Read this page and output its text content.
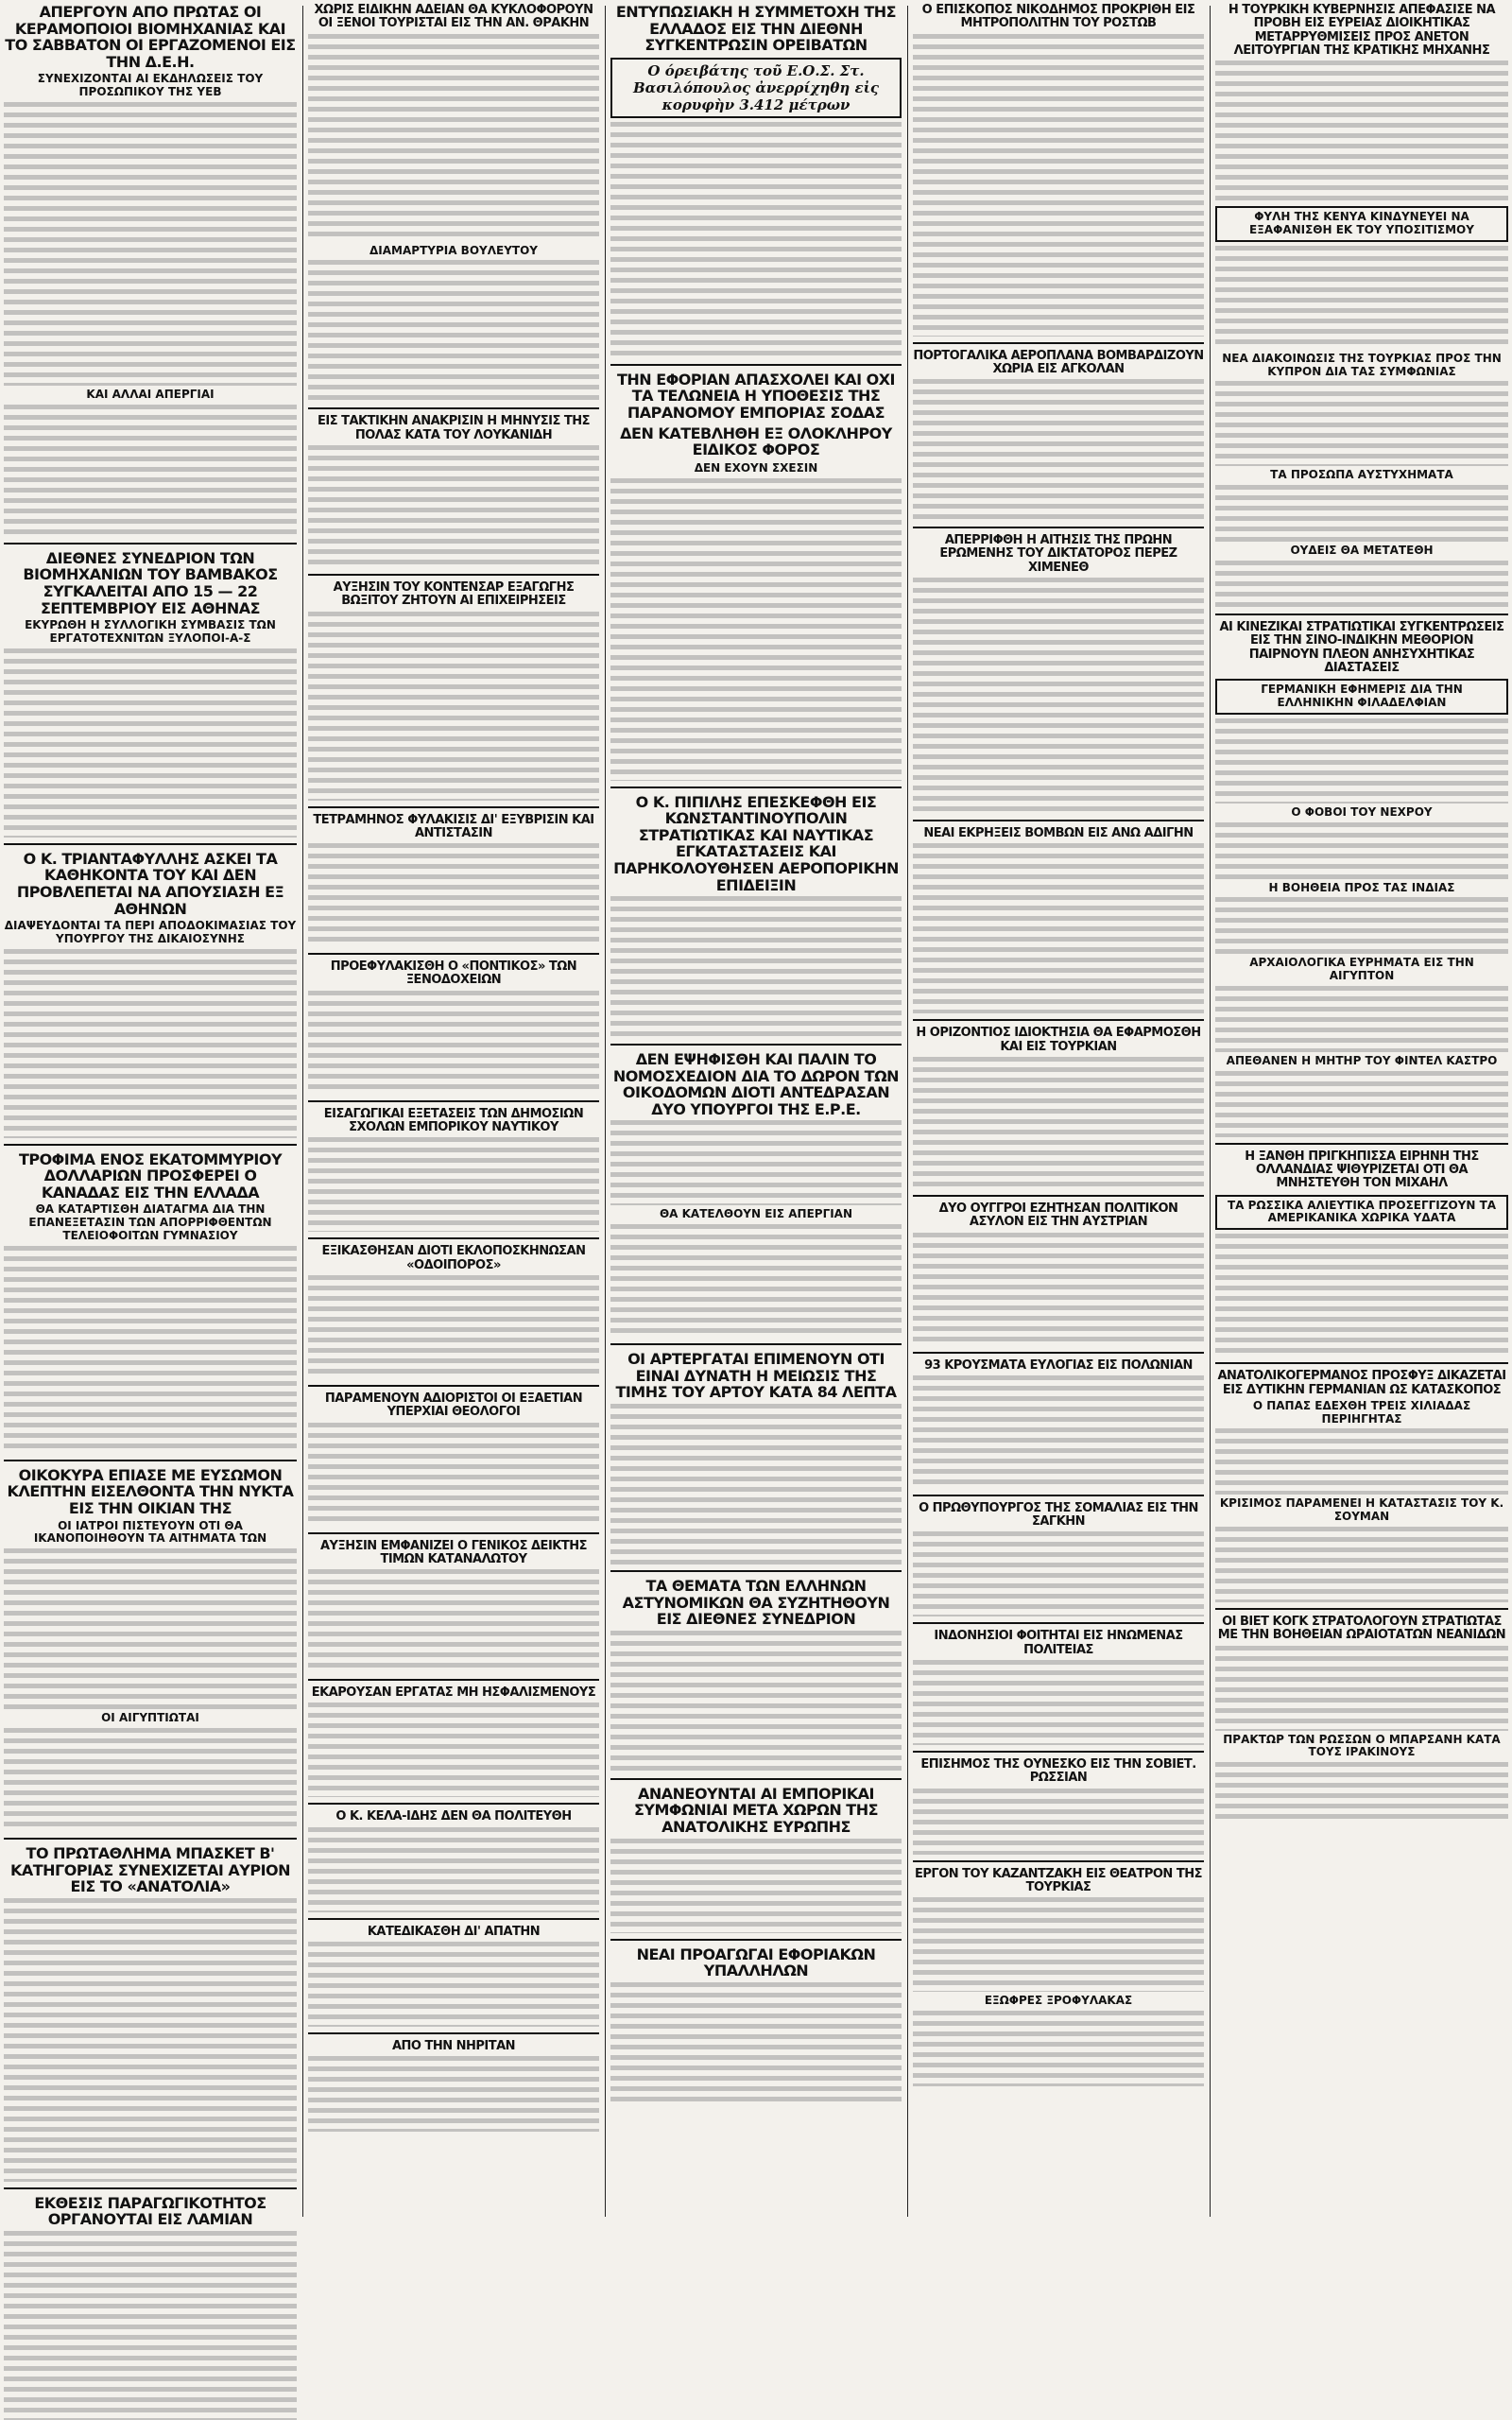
ΑΠΕΡΓΟΥΝ ΑΠΟ ΠΡΩΤΑΣ ΟΙ ΚΕΡΑΜΟΠΟΙΟΙ ΒΙΟΜΗΧΑΝΙΑΣ ΚΑΙ ΤΟ ΣΑΒΒΑΤΟΝ ΟΙ ΕΡΓΑΖΟΜΕΝΟΙ ΕΙΣ ΤΗΝ Δ.Ε.Η.
ΣΥΝΕΧΙΖΟΝΤΑΙ ΑΙ ΕΚΔΗΛΩΣΕΙΣ ΤΟΥ ΠΡΟΣΩΠΙΚΟΥ ΤΗΣ ΥΕΒ
ΚΑΙ ΑΛΛΑΙ ΑΠΕΡΓΙΑΙ
ΔΙΕΘΝΕΣ ΣΥΝΕΔΡΙΟΝ ΤΩΝ ΒΙΟΜΗΧΑΝΙΩΝ ΤΟΥ ΒΑΜΒΑΚΟΣ ΣΥΓΚΑΛΕΙΤΑΙ ΑΠΟ 15 — 22 ΣΕΠΤΕΜΒΡΙΟΥ ΕΙΣ ΑΘΗΝΑΣ
ΕΚΥΡΩΘΗ Η ΣΥΛΛΟΓΙΚΗ ΣΥΜΒΑΣΙΣ ΤΩΝ ΕΡΓΑΤΟΤΕΧΝΙΤΩΝ ΞΥΛΟΠΟΙ-Α-Σ
Ο Κ. ΤΡΙΑΝΤΑΦΥΛΛΗΣ ΑΣΚΕΙ ΤΑ ΚΑΘΗΚΟΝΤΑ ΤΟΥ ΚΑΙ ΔΕΝ ΠΡΟΒΛΕΠΕΤΑΙ ΝΑ ΑΠΟΥΣΙΑΣΗ ΕΞ ΑΘΗΝΩΝ
ΔΙΑΨΕΥΔΟΝΤΑΙ ΤΑ ΠΕΡΙ ΑΠΟΔΟΚΙΜΑΣΙΑΣ ΤΟΥ ΥΠΟΥΡΓΟΥ ΤΗΣ ΔΙΚΑΙΟΣΥΝΗΣ
ΤΡΟΦΙΜΑ ΕΝΟΣ ΕΚΑΤΟΜΜΥΡΙΟΥ ΔΟΛΛΑΡΙΩΝ ΠΡΟΣΦΕΡΕΙ Ο ΚΑΝΑΔΑΣ ΕΙΣ ΤΗΝ ΕΛΛΑΔΑ
ΘΑ ΚΑΤΑΡΤΙΣΘΗ ΔΙΑΤΑΓΜΑ ΔΙΑ ΤΗΝ ΕΠΑΝΕΞΕΤΑΣΙΝ ΤΩΝ ΑΠΟΡΡΙΦΘΕΝΤΩΝ ΤΕΛΕΙΟΦΟΙΤΩΝ ΓΥΜΝΑΣΙΟΥ
ΟΙΚΟΚΥΡΑ ΕΠΙΑΣΕ ΜΕ ΕΥΣΩΜΟΝ ΚΛΕΠΤΗΝ ΕΙΣΕΛΘΟΝΤΑ ΤΗΝ ΝΥΚΤΑ ΕΙΣ ΤΗΝ ΟΙΚΙΑΝ ΤΗΣ
ΟΙ ΙΑΤΡΟΙ ΠΙΣΤΕΥΟΥΝ ΟΤΙ ΘΑ ΙΚΑΝΟΠΟΙΗΘΟΥΝ ΤΑ ΑΙΤΗΜΑΤΑ ΤΩΝ
ΟΙ ΑΙΓΥΠΤΙΩΤΑΙ
ΤΟ ΠΡΩΤΑΘΛΗΜΑ ΜΠΑΣΚΕΤ Β' ΚΑΤΗΓΟΡΙΑΣ ΣΥΝΕΧΙΖΕΤΑΙ ΑΥΡΙΟΝ ΕΙΣ ΤΟ «ΑΝΑΤΟΛΙΑ»
ΕΚΘΕΣΙΣ ΠΑΡΑΓΩΓΙΚΟΤΗΤΟΣ ΟΡΓΑΝΟΥΤΑΙ ΕΙΣ ΛΑΜΙΑΝ
ΧΩΡΙΣ ΕΙΔΙΚΗΝ ΑΔΕΙΑΝ ΘΑ ΚΥΚΛΟΦΟΡΟΥΝ ΟΙ ΞΕΝΟΙ ΤΟΥΡΙΣΤΑΙ ΕΙΣ ΤΗΝ ΑΝ. ΘΡΑΚΗΝ
ΔΙΑΜΑΡΤΥΡΙΑ ΒΟΥΛΕΥΤΟΥ
ΕΙΣ ΤΑΚΤΙΚΗΝ ΑΝΑΚΡΙΣΙΝ Η ΜΗΝΥΣΙΣ ΤΗΣ ΠΟΛΑΣ ΚΑΤΑ ΤΟΥ ΛΟΥΚΑΝΙΔΗ
ΑΥΞΗΣΙΝ ΤΟΥ ΚΟΝΤΕΝΣΑΡ ΕΞΑΓΩΓΗΣ ΒΩΞΙΤΟΥ ΖΗΤΟΥΝ ΑΙ ΕΠΙΧΕΙΡΗΣΕΙΣ
ΤΕΤΡΑΜΗΝΟΣ ΦΥΛΑΚΙΣΙΣ ΔΙ' ΕΞΥΒΡΙΣΙΝ ΚΑΙ ΑΝΤΙΣΤΑΣΙΝ
ΠΡΟΕΦΥΛΑΚΙΣΘΗ Ο «ΠΟΝΤΙΚΟΣ» ΤΩΝ ΞΕΝΟΔΟΧΕΙΩΝ
ΕΙΣΑΓΩΓΙΚΑΙ ΕΞΕΤΑΣΕΙΣ ΤΩΝ ΔΗΜΟΣΙΩΝ ΣΧΟΛΩΝ ΕΜΠΟΡΙΚΟΥ ΝΑΥΤΙΚΟΥ
ΕΞΙΚΑΣΘΗΣΑΝ ΔΙΟΤΙ ΕΚΛΟΠΟΣΚΗΝΩΣΑΝ «ΟΔΟΙΠΟΡΟΣ»
ΠΑΡΑΜΕΝΟΥΝ ΑΔΙΟΡΙΣΤΟΙ ΟΙ ΕΞΑΕΤΙΑΝ ΥΠΕΡΧΙΑΙ ΘΕΟΛΟΓΟΙ
ΑΥΞΗΣΙΝ ΕΜΦΑΝΙΖΕΙ Ο ΓΕΝΙΚΟΣ ΔΕΙΚΤΗΣ ΤΙΜΩΝ ΚΑΤΑΝΑΛΩΤΟΥ
ΕΚΑΡΟΥΣΑΝ ΕΡΓΑΤΑΣ ΜΗ ΗΣΦΑΛΙΣΜΕΝΟΥΣ
Ο Κ. ΚΕΛΑ-ΙΔΗΣ ΔΕΝ ΘΑ ΠΟΛΙΤΕΥΘΗ
ΚΑΤΕΔΙΚΑΣΘΗ ΔΙ' ΑΠΑΤΗΝ
ΑΠΟ ΤΗΝ ΝΗΡΙΤΑΝ
ΕΝΤΥΠΩΣΙΑΚΗ Η ΣΥΜΜΕΤΟΧΗ ΤΗΣ ΕΛΛΑΔΟΣ ΕΙΣ ΤΗΝ ΔΙΕΘΝΗ ΣΥΓΚΕΝΤΡΩΣΙΝ ΟΡΕΙΒΑΤΩΝ
Ο όρειβάτης τοῦ Ε.Ο.Σ. Στ. Βασιλόπουλος ἀνερρίχηθη εἰς κορυφὴν 3.412 μέτρων
ΤΗΝ ΕΦΟΡΙΑΝ ΑΠΑΣΧΟΛΕΙ ΚΑΙ ΟΧΙ ΤΑ ΤΕΛΩΝΕΙΑ Η ΥΠΟΘΕΣΙΣ ΤΗΣ ΠΑΡΑΝΟΜΟΥ ΕΜΠΟΡΙΑΣ ΣΟΔΑΣ
ΔΕΝ ΚΑΤΕΒΛΗΘΗ ΕΞ ΟΛΟΚΛΗΡΟΥ ΕΙΔΙΚΟΣ ΦΟΡΟΣ
ΔΕΝ ΕΧΟΥΝ ΣΧΕΣΙΝ
Ο Κ. ΠΙΠΙΛΗΣ ΕΠΕΣΚΕΦΘΗ ΕΙΣ ΚΩΝΣΤΑΝΤΙΝΟΥΠΟΛΙΝ ΣΤΡΑΤΙΩΤΙΚΑΣ ΚΑΙ ΝΑΥΤΙΚΑΣ ΕΓΚΑΤΑΣΤΑΣΕΙΣ ΚΑΙ ΠΑΡΗΚΟΛΟΥΘΗΣΕΝ ΑΕΡΟΠΟΡΙΚΗΝ ΕΠΙΔΕΙΞΙΝ
ΔΕΝ ΕΨΗΦΙΣΘΗ ΚΑΙ ΠΑΛΙΝ ΤΟ ΝΟΜΟΣΧΕΔΙΟΝ ΔΙΑ ΤΟ ΔΩΡΟΝ ΤΩΝ ΟΙΚΟΔΟΜΩΝ ΔΙΟΤΙ ΑΝΤΕΔΡΑΣΑΝ ΔΥΟ ΥΠΟΥΡΓΟΙ ΤΗΣ Ε.Ρ.Ε.
ΘΑ ΚΑΤΕΛΘΟΥΝ ΕΙΣ ΑΠΕΡΓΙΑΝ
ΟΙ ΑΡΤΕΡΓΑΤΑΙ ΕΠΙΜΕΝΟΥΝ ΟΤΙ ΕΙΝΑΙ ΔΥΝΑΤΗ Η ΜΕΙΩΣΙΣ ΤΗΣ ΤΙΜΗΣ ΤΟΥ ΑΡΤΟΥ ΚΑΤΑ 84 ΛΕΠΤΑ
ΤΑ ΘΕΜΑΤΑ ΤΩΝ ΕΛΛΗΝΩΝ ΑΣΤΥΝΟΜΙΚΩΝ ΘΑ ΣΥΖΗΤΗΘΟΥΝ ΕΙΣ ΔΙΕΘΝΕΣ ΣΥΝΕΔΡΙΟΝ
ΑΝΑΝΕΟΥΝΤΑΙ ΑΙ ΕΜΠΟΡΙΚΑΙ ΣΥΜΦΩΝΙΑΙ ΜΕΤΑ ΧΩΡΩΝ ΤΗΣ ΑΝΑΤΟΛΙΚΗΣ ΕΥΡΩΠΗΣ
ΝΕΑΙ ΠΡΟΑΓΩΓΑΙ ΕΦΟΡΙΑΚΩΝ ΥΠΑΛΛΗΛΩΝ
Ο ΕΠΙΣΚΟΠΟΣ ΝΙΚΟΔΗΜΟΣ ΠΡΟΚΡΙΘΗ ΕΙΣ ΜΗΤΡΟΠΟΛΙΤΗΝ ΤΟΥ ΡΟΣΤΩΒ
ΠΟΡΤΟΓΑΛΙΚΑ ΑΕΡΟΠΛΑΝΑ ΒΟΜΒΑΡΔΙΖΟΥΝ ΧΩΡΙΑ ΕΙΣ ΑΓΚΟΛΑΝ
ΑΠΕΡΡΙΦΘΗ Η ΑΙΤΗΣΙΣ ΤΗΣ ΠΡΩΗΝ ΕΡΩΜΕΝΗΣ ΤΟΥ ΔΙΚΤΑΤΟΡΟΣ ΠΕΡΕΖ ΧΙΜΕΝΕΘ
ΝΕΑΙ ΕΚΡΗΞΕΙΣ ΒΟΜΒΩΝ ΕΙΣ ΑΝΩ ΑΔΙΓΗΝ
Η ΟΡΙΖΟΝΤΙΟΣ ΙΔΙΟΚΤΗΣΙΑ ΘΑ ΕΦΑΡΜΟΣΘΗ ΚΑΙ ΕΙΣ ΤΟΥΡΚΙΑΝ
ΔΥΟ ΟΥΓΓΡΟΙ ΕΖΗΤΗΣΑΝ ΠΟΛΙΤΙΚΟΝ ΑΣΥΛΟΝ ΕΙΣ ΤΗΝ ΑΥΣΤΡΙΑΝ
93 ΚΡΟΥΣΜΑΤΑ ΕΥΛΟΓΙΑΣ ΕΙΣ ΠΟΛΩΝΙΑΝ
Ο ΠΡΩΘΥΠΟΥΡΓΟΣ ΤΗΣ ΣΟΜΑΛΙΑΣ ΕΙΣ ΤΗΝ ΣΑΓΚΗΝ
ΙΝΔΟΝΗΣΙΟΙ ΦΟΙΤΗΤΑΙ ΕΙΣ ΗΝΩΜΕΝΑΣ ΠΟΛΙΤΕΙΑΣ
ΕΠΙΣΗΜΟΣ ΤΗΣ ΟΥΝΕΣΚΟ ΕΙΣ ΤΗΝ ΣΟΒΙΕΤ. ΡΩΣΣΙΑΝ
ΕΡΓΟΝ ΤΟΥ ΚΑΖΑΝΤΖΑΚΗ ΕΙΣ ΘΕΑΤΡΟΝ ΤΗΣ ΤΟΥΡΚΙΑΣ
ΕΞΩΦΡΕΣ ΞΡΟΦΥΛΑΚΑΣ
Η ΤΟΥΡΚΙΚΗ ΚΥΒΕΡΝΗΣΙΣ ΑΠΕΦΑΣΙΣΕ ΝΑ ΠΡΟΒΗ ΕΙΣ ΕΥΡΕΙΑΣ ΔΙΟΙΚΗΤΙΚΑΣ ΜΕΤΑΡΡΥΘΜΙΣΕΙΣ ΠΡΟΣ ΑΝΕΤΟΝ ΛΕΙΤΟΥΡΓΙΑΝ ΤΗΣ ΚΡΑΤΙΚΗΣ ΜΗΧΑΝΗΣ
ΦΥΛΗ ΤΗΣ ΚΕΝΥΑ ΚΙΝΔΥΝΕΥΕΙ ΝΑ ΕΞΑΦΑΝΙΣΘΗ ΕΚ ΤΟΥ ΥΠΟΣΙΤΙΣΜΟΥ
ΝΕΑ ΔΙΑΚΟΙΝΩΣΙΣ ΤΗΣ ΤΟΥΡΚΙΑΣ ΠΡΟΣ ΤΗΝ ΚΥΠΡΟΝ ΔΙΑ ΤΑΣ ΣΥΜΦΩΝΙΑΣ
ΤΑ ΠΡΟΣΩΠΑ ΑΥΣΤΥΧΗΜΑΤΑ
ΟΥΔΕΙΣ ΘΑ ΜΕΤΑΤΕΘΗ
ΑΙ ΚΙΝΕΖΙΚΑΙ ΣΤΡΑΤΙΩΤΙΚΑΙ ΣΥΓΚΕΝΤΡΩΣΕΙΣ ΕΙΣ ΤΗΝ ΣΙΝΟ-ΙΝΔΙΚΗΝ ΜΕΘΟΡΙΟΝ ΠΑΙΡΝΟΥΝ ΠΛΕΟΝ ΑΝΗΣΥΧΗΤΙΚΑΣ ΔΙΑΣΤΑΣΕΙΣ
ΓΕΡΜΑΝΙΚΗ ΕΦΗΜΕΡΙΣ ΔΙΑ ΤΗΝ ΕΛΛΗΝΙΚΗΝ ΦΙΛΑΔΕΛΦΙΑΝ
Ο ΦΟΒΟΙ ΤΟΥ ΝΕΧΡΟΥ
Η ΒΟΗΘΕΙΑ ΠΡΟΣ ΤΑΣ ΙΝΔΙΑΣ
ΑΡΧΑΙΟΛΟΓΙΚΑ ΕΥΡΗΜΑΤΑ ΕΙΣ ΤΗΝ ΑΙΓΥΠΤΟΝ
ΑΠΕΘΑΝΕΝ Η ΜΗΤΗΡ ΤΟΥ ΦΙΝΤΕΛ ΚΑΣΤΡΟ
Η ΞΑΝΘΗ ΠΡΙΓΚΗΠΙΣΣΑ ΕΙΡΗΝΗ ΤΗΣ ΟΛΛΑΝΔΙΑΣ ΨΙΘΥΡΙΖΕΤΑΙ ΟΤΙ ΘΑ ΜΝΗΣΤΕΥΘΗ ΤΟΝ ΜΙΧΑΗΛ
ΤΑ ΡΩΣΣΙΚΑ ΑΛΙΕΥΤΙΚΑ ΠΡΟΣΕΓΓΙΖΟΥΝ ΤΑ ΑΜΕΡΙΚΑΝΙΚΑ ΧΩΡΙΚΑ ΥΔΑΤΑ
ΑΝΑΤΟΛΙΚΟΓΕΡΜΑΝΟΣ ΠΡΟΣΦΥΞ ΔΙΚΑΖΕΤΑΙ ΕΙΣ ΔΥΤΙΚΗΝ ΓΕΡΜΑΝΙΑΝ ΩΣ ΚΑΤΑΣΚΟΠΟΣ
Ο ΠΑΠΑΣ ΕΔΕΧΘΗ ΤΡΕΙΣ ΧΙΛΙΑΔΑΣ ΠΕΡΙΗΓΗΤΑΣ
ΚΡΙΣΙΜΟΣ ΠΑΡΑΜΕΝΕΙ Η ΚΑΤΑΣΤΑΣΙΣ ΤΟΥ Κ. ΣΟΥΜΑΝ
ΟΙ ΒΙΕΤ ΚΟΓΚ ΣΤΡΑΤΟΛΟΓΟΥΝ ΣΤΡΑΤΙΩΤΑΣ ΜΕ ΤΗΝ ΒΟΗΘΕΙΑΝ ΩΡΑΙΟΤΑΤΩΝ ΝΕΑΝΙΔΩΝ
ΠΡΑΚΤΩΡ ΤΩΝ ΡΩΣΣΩΝ Ο ΜΠΑΡΣΑΝΗ ΚΑΤΑ ΤΟΥΣ ΙΡΑΚΙΝΟΥΣ
